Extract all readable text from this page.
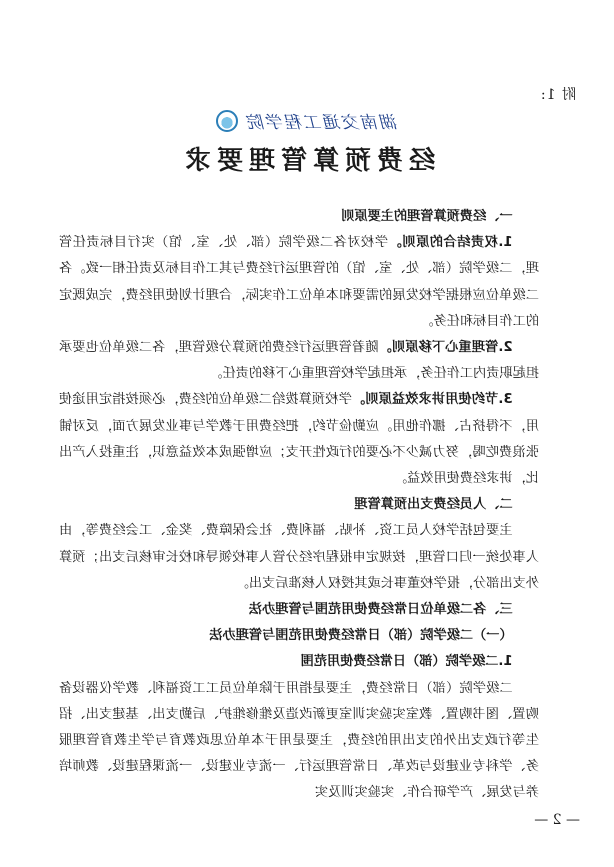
附 1:
湖南交通工程学院
经费预算管理要求

一、经费预算管理的主要原则

1.权责结合的原则。学校对各二级学院（部、处、室、馆）实行目标责任管理，二级学院（部、处、室、馆）的管理运行经费与其工作目标及责任相一致。各二级单位应根据学校发展的需要和本单位工作实际，合理计划使用经费，完成既定的工作目标和任务。

2.管理重心下移原则。随着管理运行经费的预算分级管理，各二级单位也要承担起职责内工作任务，承担起学校管理重心下移的责任。

3.节约使用讲求效益原则。学校预算拨给二级单位的经费，必须按指定用途使用，不得挤占、挪作他用。应勤俭节约，把经费用于教学与事业发展方面，反对铺张浪费吃喝，努力减少不必要的行政性开支；应增强成本效益意识，注重投入产出比，讲求经费使用效益。

二、人员经费支出预算管理

主要包括学校人员工资、补贴、福利费、社会保障费、奖金、工会经费等，由人事处统一归口管理，按规定申报程序经分管人事校领导和校长审核后支出；预算外支出部分，报学校董事长或其授权人核准后支出。

三、各二级单位日常经费使用范围与管理办法

（一）二级学院（部）日常经费使用范围与管理办法

1.二级学院（部）日常经费使用范围

二级学院（部）日常经费，主要是指用于除单位员工工资福利、教学仪器设备购置、图书购置、教室实验实训室更新改造及维修维护、后勤支出、基建支出、招生等行政支出外的支出用的经费，主要是用于本单位思政教育与学生教育管理服务、学科专业建设与改革、日常管理运行、一流专业建设、一流课程建设、教师培养与发展、产学研合作、实验实训及实

— 2 —
